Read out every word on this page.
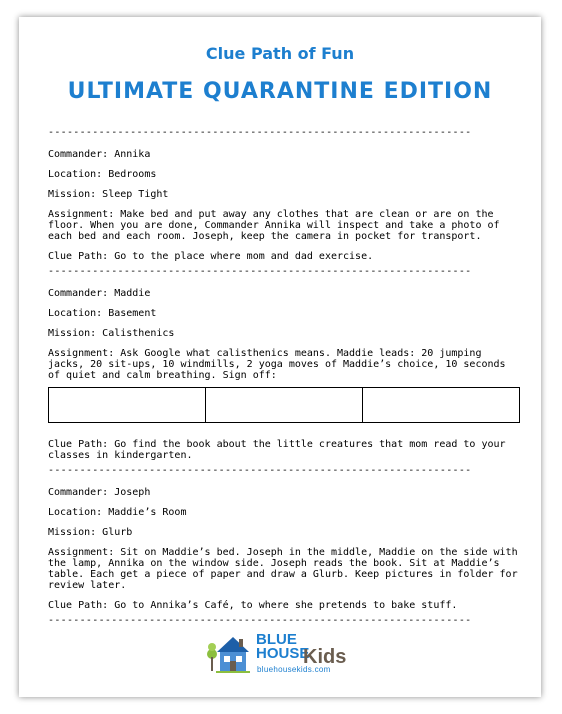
Clue Path of Fun
ULTIMATE QUARANTINE EDITION
-------------------------------------------------------------------
Commander: Annika
Location: Bedrooms
Mission: Sleep Tight
Assignment: Make bed and put away any clothes that are clean or are on the floor. When you are done, Commander Annika will inspect and take a photo of each bed and each room. Joseph, keep the camera in pocket for transport.
Clue Path: Go to the place where mom and dad exercise.
-------------------------------------------------------------------
Commander: Maddie
Location: Basement
Mission: Calisthenics
Assignment: Ask Google what calisthenics means. Maddie leads: 20 jumping jacks, 20 sit-ups, 10 windmills, 2 yoga moves of Maddie’s choice, 10 seconds of quiet and calm breathing. Sign off:
Clue Path: Go find the book about the little creatures that mom read to your classes in kindergarten.
-------------------------------------------------------------------
Commander: Joseph
Location: Maddie’s Room
Mission: Glurb
Assignment: Sit on Maddie’s bed. Joseph in the middle, Maddie on the side with the lamp, Annika on the window side. Joseph reads the book. Sit at Maddie’s table. Each get a piece of paper and draw a Glurb. Keep pictures in folder for review later.
Clue Path: Go to Annika’s Café, to where she pretends to bake stuff.
-------------------------------------------------------------------
BLUE
HOUSE
Kids
bluehousekids.com
